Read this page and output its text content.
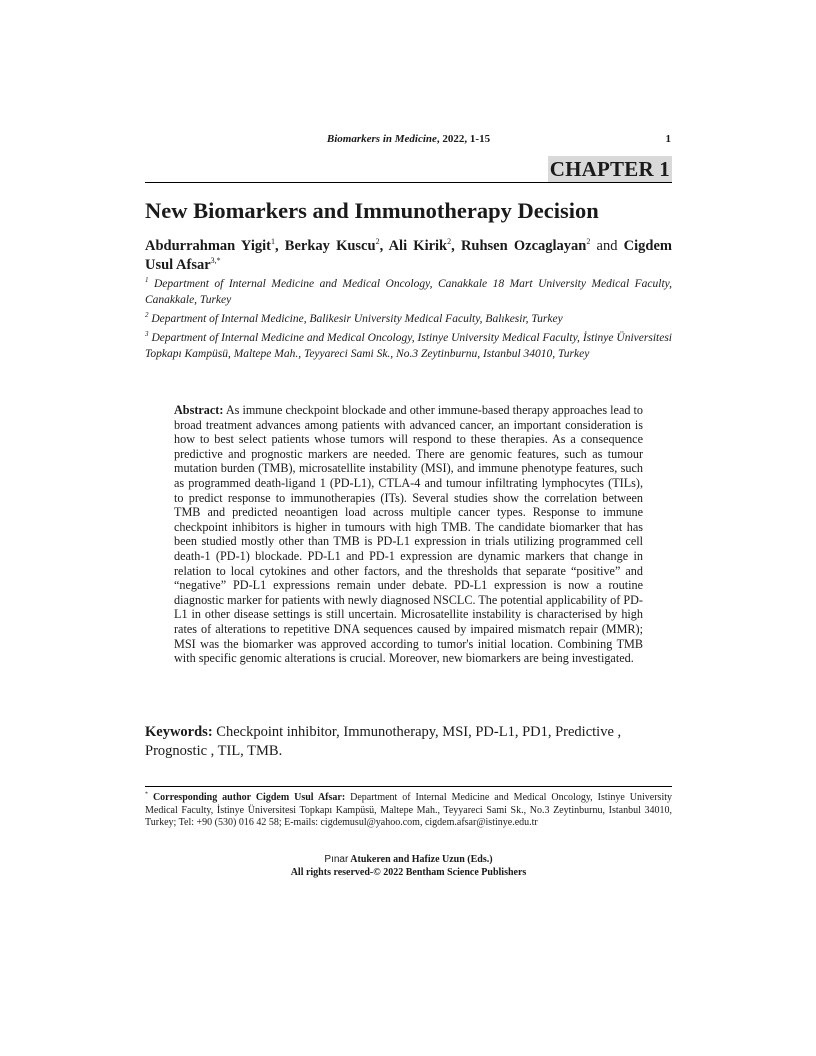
Biomarkers in Medicine, 2022, 1-15	1
CHAPTER 1
New Biomarkers and Immunotherapy Decision
Abdurrahman Yigit$^1$, Berkay Kuscu$^2$, Ali Kirik$^2$, Ruhsen Ozcaglayan$^2$ and Cigdem Usul Afsar$^{3,*}$
$^1$ Department of Internal Medicine and Medical Oncology, Canakkale 18 Mart University Medical Faculty, Canakkale, Turkey
$^2$ Department of Internal Medicine, Balikesir University Medical Faculty, Balıkesir, Turkey
$^3$ Department of Internal Medicine and Medical Oncology, Istinye University Medical Faculty, İstinye Üniversitesi Topkapı Kampüsü, Maltepe Mah., Teyyareci Sami Sk., No.3 Zeytinburnu, Istanbul 34010, Turkey
Abstract: As immune checkpoint blockade and other immune-based therapy approaches lead to broad treatment advances among patients with advanced cancer, an important consideration is how to best select patients whose tumors will respond to these therapies. As a consequence predictive and prognostic markers are needed. There are genomic features, such as tumour mutation burden (TMB), microsatellite instability (MSI), and immune phenotype features, such as programmed death-ligand 1 (PD-L1), CTLA-4 and tumour infiltrating lymphocytes (TILs), to predict response to immunotherapies (ITs). Several studies show the correlation between TMB and predicted neoantigen load across multiple cancer types. Response to immune checkpoint inhibitors is higher in tumours with high TMB. The candidate biomarker that has been studied mostly other than TMB is PD-L1 expression in trials utilizing programmed cell death-1 (PD-1) blockade. PD-L1 and PD-1 expression are dynamic markers that change in relation to local cytokines and other factors, and the thresholds that separate “positive” and “negative” PD-L1 expressions remain under debate. PD-L1 expression is now a routine diagnostic marker for patients with newly diagnosed NSCLC. The potential applicability of PD-L1 in other disease settings is still uncertain. Microsatellite instability is characterised by high rates of alterations to repetitive DNA sequences caused by impaired mismatch repair (MMR); MSI was the biomarker was approved according to tumor's initial location. Combining TMB with specific genomic alterations is crucial. Moreover, new biomarkers are being investigated.
Keywords: Checkpoint inhibitor, Immunotherapy, MSI, PD-L1, PD1, Predictive , Prognostic , TIL, TMB.
* Corresponding author Cigdem Usul Afsar: Department of Internal Medicine and Medical Oncology, Istinye University Medical Faculty, İstinye Üniversitesi Topkapı Kampüsü, Maltepe Mah., Teyyareci Sami Sk., No.3 Zeytinburnu, Istanbul 34010, Turkey; Tel: +90 (530) 016 42 58; E-mails: cigdemusul@yahoo.com, cigdem.afsar@istinye.edu.tr
Pınar Atukeren and Hafize Uzun (Eds.)
All rights reserved-© 2022 Bentham Science Publishers
